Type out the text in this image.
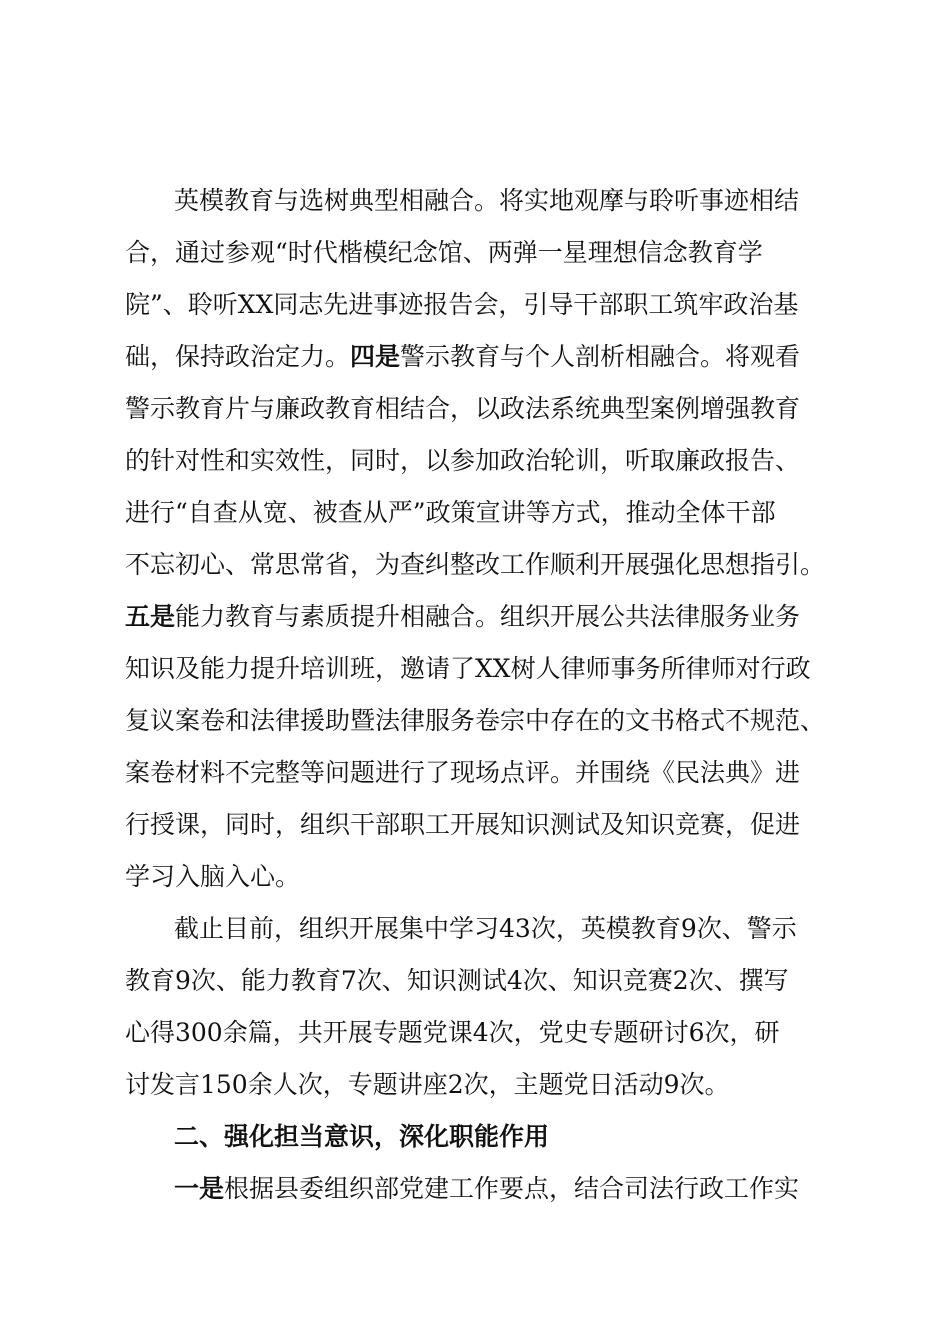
英模教育与选树典型相融合。将实地观摩与聆听事迹相结
合，通过参观“时代楷模纪念馆、两弹一星理想信念教育学
院”、聆听XX同志先进事迹报告会，引导干部职工筑牢政治基
础，保持政治定力。四是警示教育与个人剖析相融合。将观看
警示教育片与廉政教育相结合，以政法系统典型案例增强教育
的针对性和实效性，同时，以参加政治轮训，听取廉政报告、
进行“自查从宽、被查从严”政策宣讲等方式，推动全体干部
不忘初心、常思常省，为查纠整改工作顺利开展强化思想指引。
五是能力教育与素质提升相融合。组织开展公共法律服务业务
知识及能力提升培训班，邀请了XX树人律师事务所律师对行政
复议案卷和法律援助暨法律服务卷宗中存在的文书格式不规范、
案卷材料不完整等问题进行了现场点评。并围绕《民法典》进
行授课，同时，组织干部职工开展知识测试及知识竞赛，促进
学习入脑入心。
截止目前，组织开展集中学习43次，英模教育9次、警示
教育9次、能力教育7次、知识测试4次、知识竞赛2次、撰写
心得300余篇，共开展专题党课4次，党史专题研讨6次，研
讨发言150余人次，专题讲座2次，主题党日活动9次。
二、强化担当意识，深化职能作用
一是根据县委组织部党建工作要点，结合司法行政工作实
